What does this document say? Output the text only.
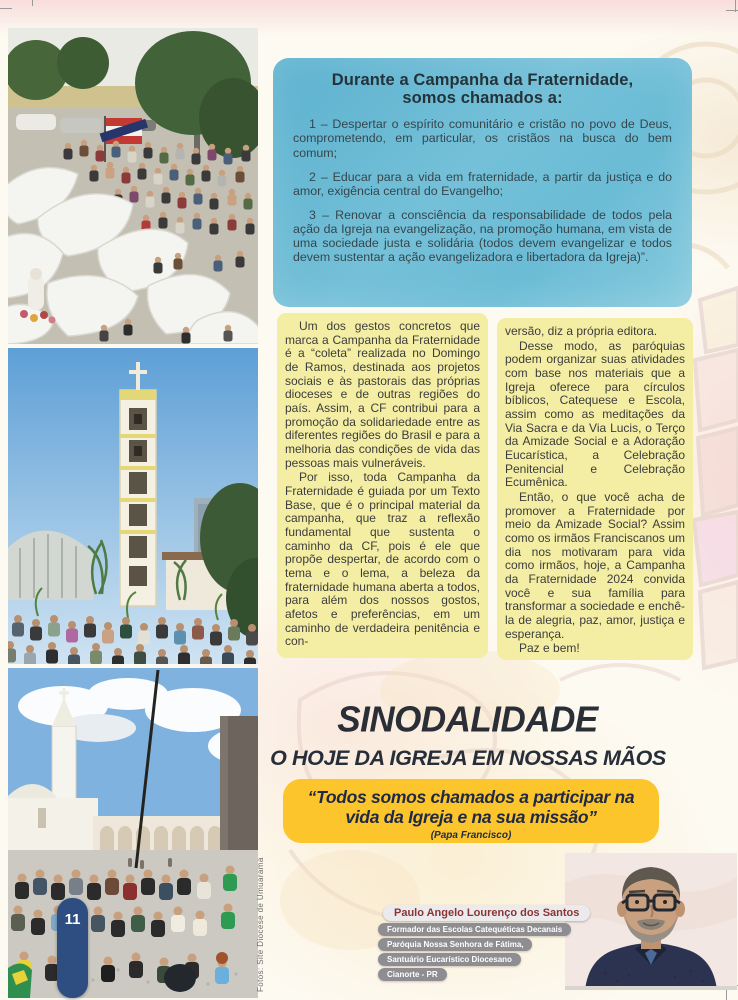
11	Fotos: Site Diocese de Umuarama
Durante a Campanha da Fraternidade,
somos chamados a:

1 – Despertar o espírito comunitário e cristão no povo de Deus, comprometendo, em particular, os cristãos na busca do bem comum;

2 – Educar para a vida em fraternidade, a partir da justiça e do amor, exigência central do Evangelho;

3 – Renovar a consciência da responsabilidade de todos pela ação da Igreja na evangelização, na promoção humana, em vista de uma sociedade justa e solidária (todos devem evangelizar e todos devem sustentar a ação evangelizadora e libertadora da Igreja)”.

Um dos gestos concretos que marca a Campanha da Fraternidade é a “coleta” realizada no Domingo de Ramos, destinada aos projetos sociais e às pastorais das próprias dioceses e de outras regiões do país. Assim, a CF contribui para a promoção da solidariedade entre as diferentes regiões do Brasil e para a melhoria das condições de vida das pessoas mais vulneráveis.

Por isso, toda Campanha da Fraternidade é guiada por um Texto Base, que é o principal material da campanha, que traz a reflexão fundamental que sustenta o caminho da CF, pois é ele que propõe despertar, de acordo com o tema e o lema, a beleza da fraternidade humana aberta a todos, para além dos nossos gostos, afetos e preferências, em um caminho de verdadeira penitência e con-

versão, diz a própria editora.

Desse modo, as paróquias podem organizar suas atividades com base nos materiais que a Igreja oferece para círculos bíblicos, Catequese e Escola, assim como as meditações da Via Sacra e da Via Lucis, o Terço da Amizade Social e a Adoração Eucarística, a Celebração Penitencial e Celebração Ecumênica.

Então, o que você acha de promover a Fraternidade por meio da Amizade Social? Assim como os irmãos Franciscanos um dia nos motivaram para vida como irmãos, hoje, a Campanha da Fraternidade 2024 convida você e sua família para transformar a sociedade e enchê-la de alegria, paz, amor, justiça e esperança.

Paz e bem!

SINODALIDADE
O HOJE DA IGREJA EM NOSSAS MÃOS
“Todos somos chamados a participar na
vida da Igreja e na sua missão”
(Papa Francisco)
Paulo Angelo Lourenço dos Santos
Formador das Escolas Catequéticas Decanais
Paróquia Nossa Senhora de Fátima,
Santuário Eucarístico Diocesano
Cianorte - PR
